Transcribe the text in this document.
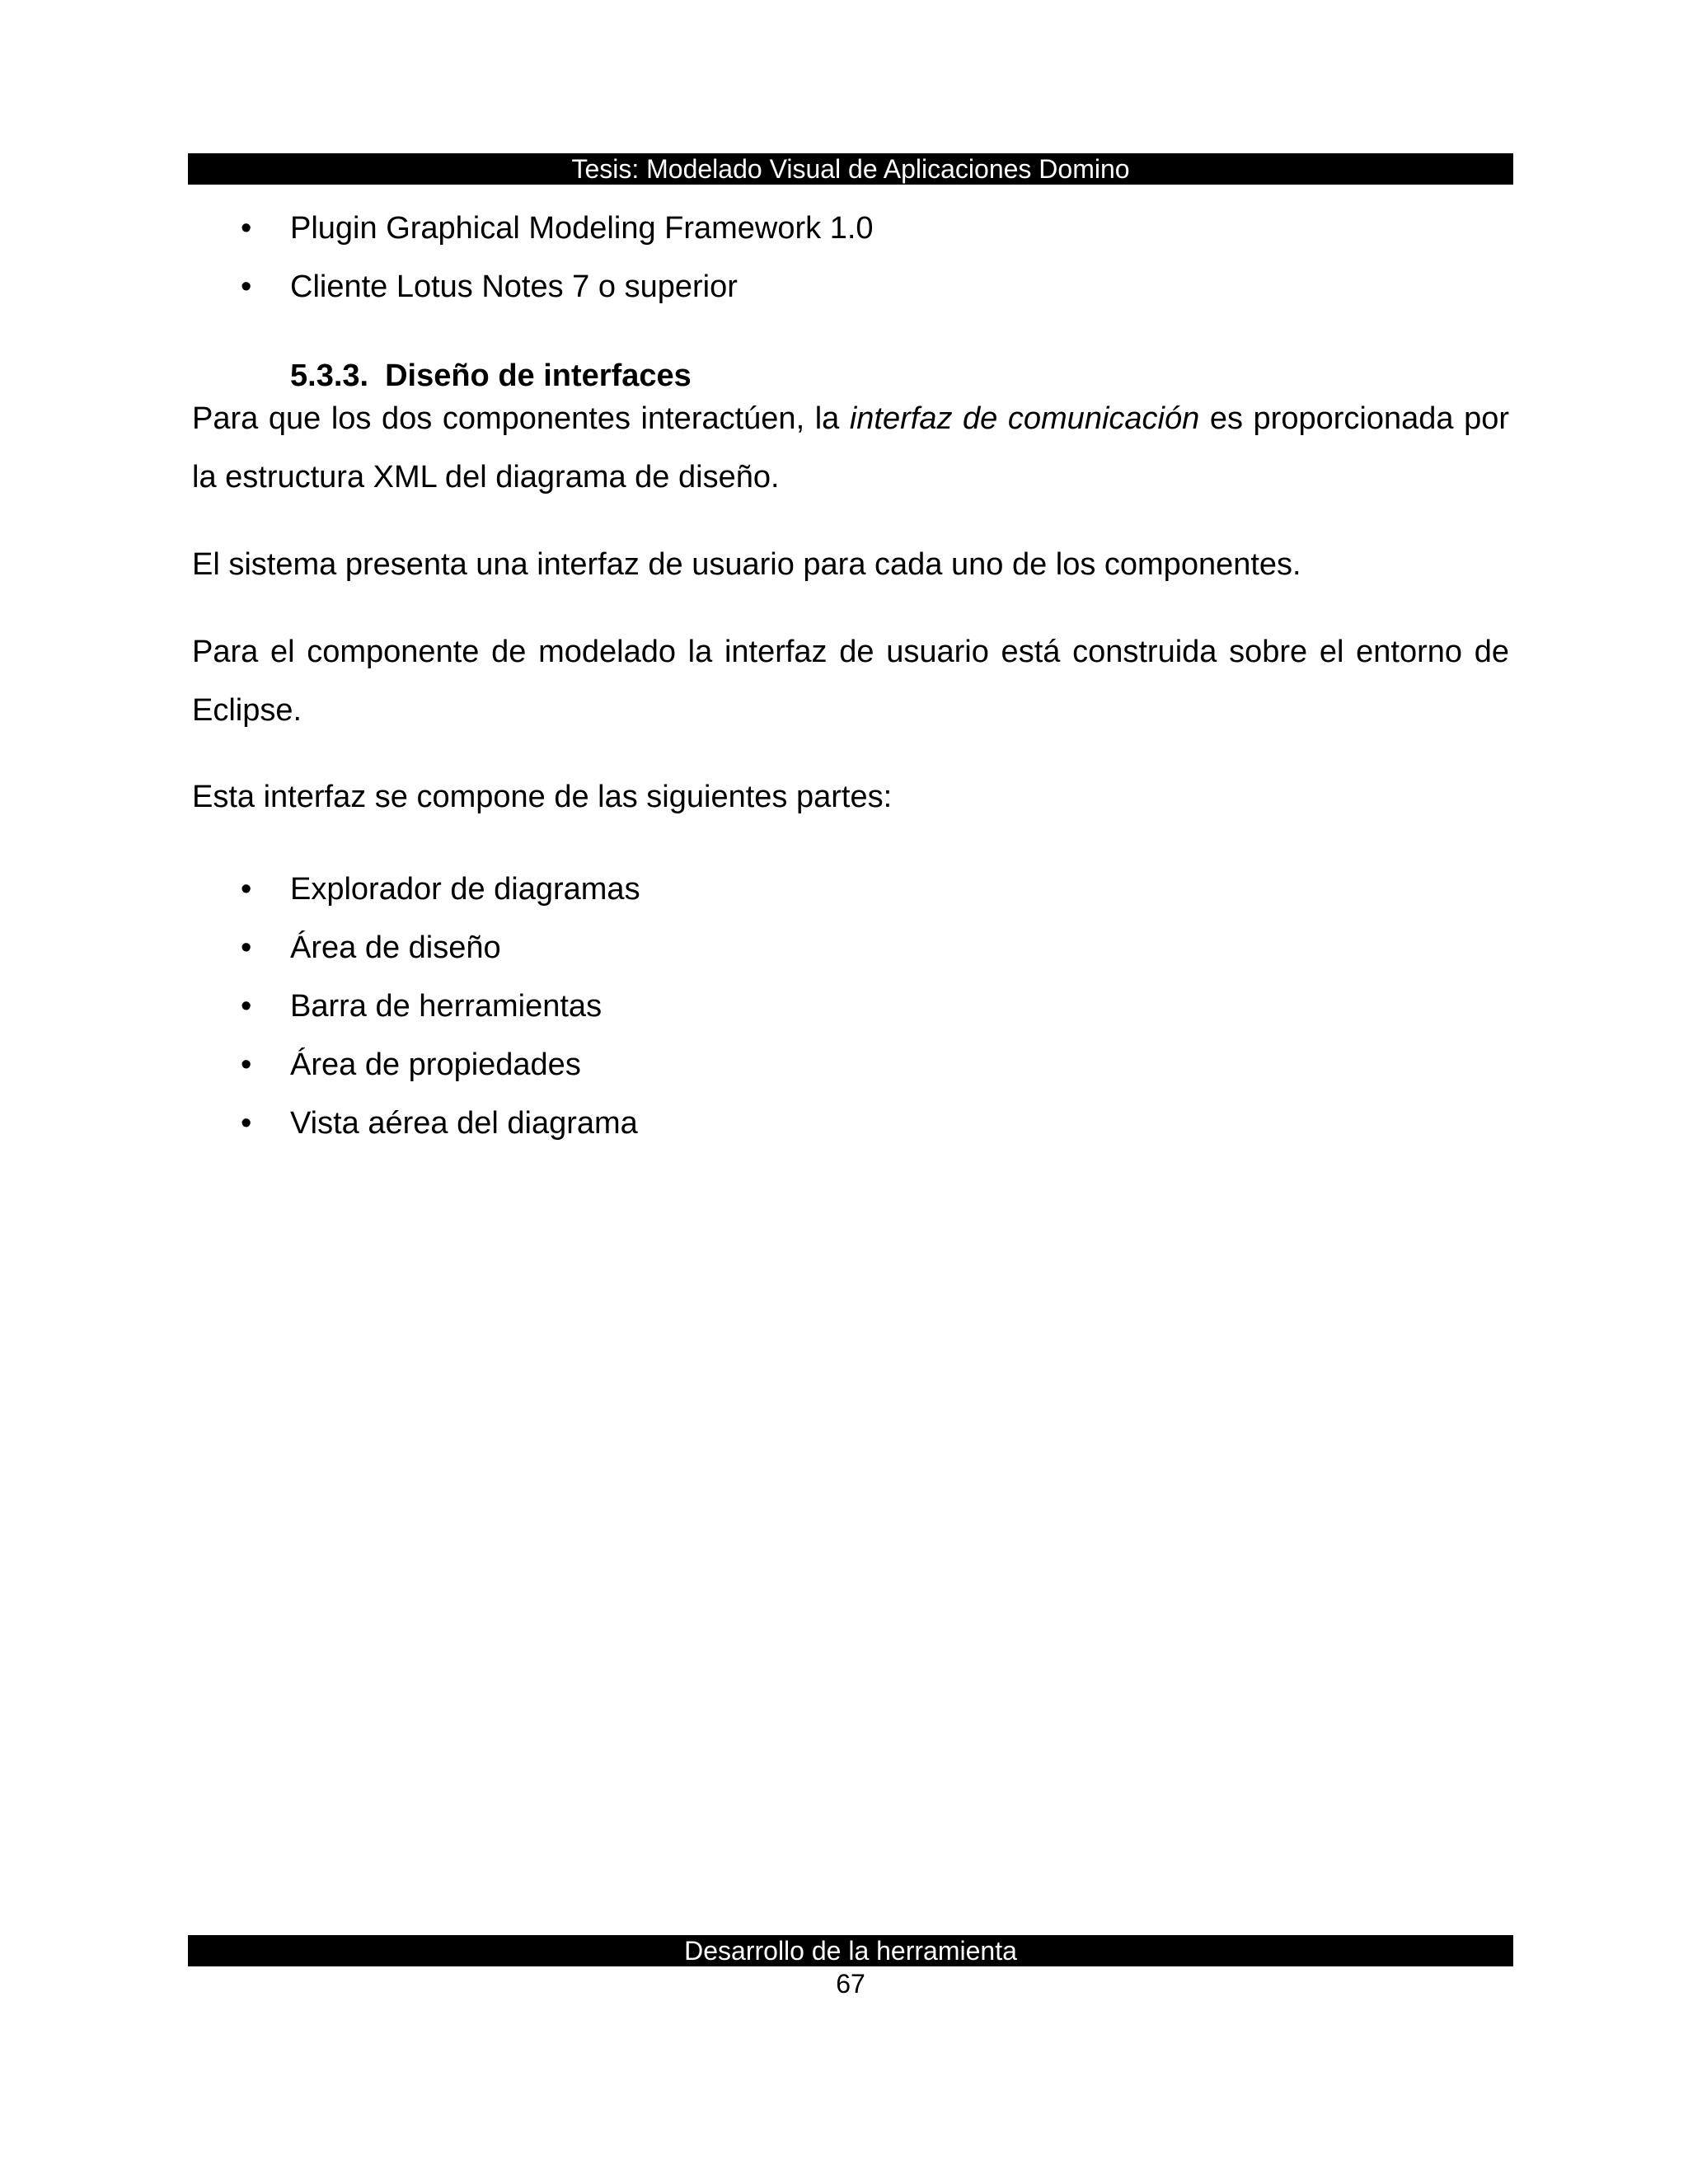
Tesis: Modelado Visual de Aplicaciones Domino
• Plugin Graphical Modeling Framework 1.0
• Cliente Lotus Notes 7 o superior
5.3.3. Diseño de interfaces

Para que los dos componentes interactúen, la interfaz de comunicación es proporcionada por la estructura XML del diagrama de diseño.

El sistema presenta una interfaz de usuario para cada uno de los componentes.

Para el componente de modelado la interfaz de usuario está construida sobre el entorno de Eclipse.

Esta interfaz se compone de las siguientes partes:

• Explorador de diagramas
• Área de diseño
• Barra de herramientas
• Área de propiedades
• Vista aérea del diagrama
Desarrollo de la herramienta
67
